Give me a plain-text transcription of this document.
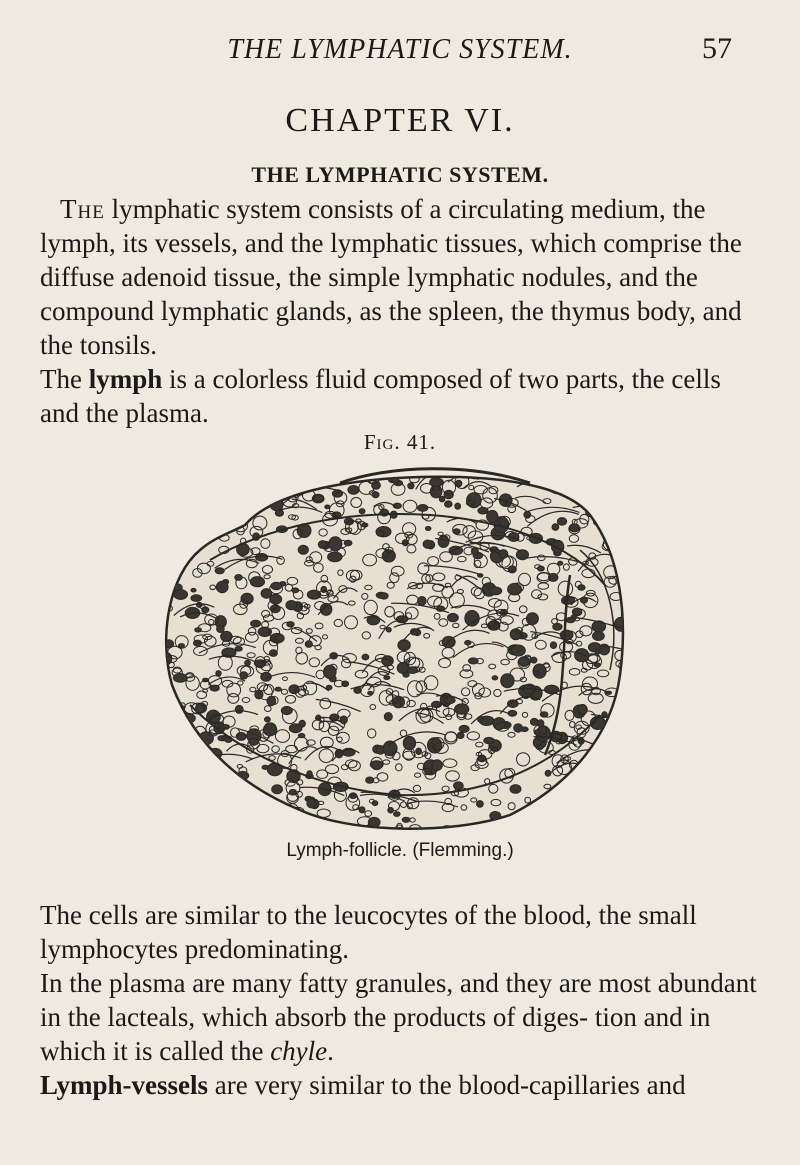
THE LYMPHATIC SYSTEM.	57
CHAPTER VI.
THE LYMPHATIC SYSTEM.

The lymphatic system consists of a circulating medium, the lymph, its vessels, and the lymphatic tissues, which comprise the diffuse adenoid tissue, the simple lymphatic nodules, and the compound lymphatic glands, as the spleen, the thymus body, and the tonsils.

The lymph is a colorless fluid composed of two parts, the cells and the plasma.

Fig. 41.
Lymph-follicle. (Flemming.)

The cells are similar to the leucocytes of the blood, the small lymphocytes predominating.

In the plasma are many fatty granules, and they are most abundant in the lacteals, which absorb the products of diges- tion and in which it is called the chyle.

Lymph-vessels are very similar to the blood-capillaries and
